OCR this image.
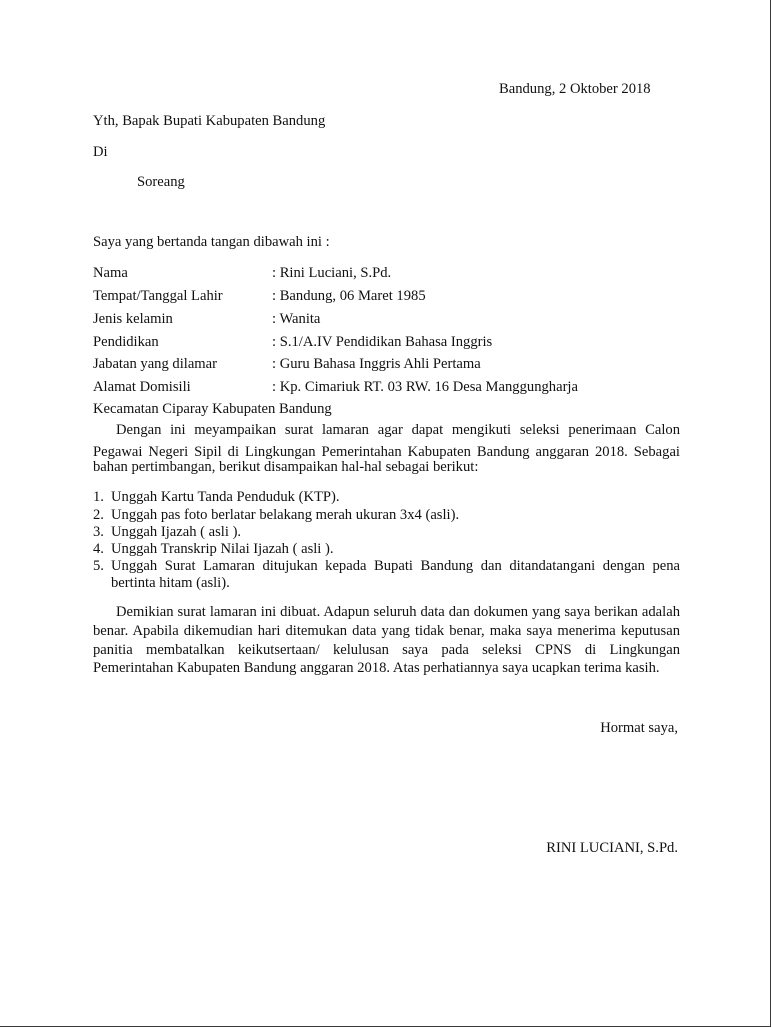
Bandung, 2 Oktober 2018
Yth, Bapak Bupati Kabupaten Bandung
Di
Soreang
Saya yang bertanda tangan dibawah ini :
Nama	: Rini Luciani, S.Pd.
Tempat/Tanggal Lahir	: Bandung, 06 Maret 1985
Jenis kelamin	: Wanita
Pendidikan	: S.1/A.IV Pendidikan Bahasa Inggris
Jabatan yang dilamar	: Guru Bahasa Inggris Ahli Pertama
Alamat Domisili	: Kp. Cimariuk RT. 03 RW. 16 Desa Manggungharja
Kecamatan Ciparay Kabupaten Bandung
Dengan ini meyampaikan surat lamaran agar dapat mengikuti seleksi penerimaan Calon
Pegawai Negeri Sipil di Lingkungan Pemerintahan Kabupaten Bandung anggaran 2018. Sebagai
bahan pertimbangan, berikut disampaikan hal-hal sebagai berikut:
1. Unggah Kartu Tanda Penduduk (KTP).
2. Unggah pas foto berlatar belakang merah ukuran 3x4 (asli).
3. Unggah Ijazah ( asli ).
4. Unggah Transkrip Nilai Ijazah ( asli ).
5. Unggah Surat Lamaran ditujukan kepada Bupati Bandung dan ditandatangani dengan pena
bertinta hitam (asli).
Demikian surat lamaran ini dibuat. Adapun seluruh data dan dokumen yang saya berikan adalah
benar. Apabila dikemudian hari ditemukan data yang tidak benar, maka saya menerima keputusan
panitia membatalkan keikutsertaan/ kelulusan saya pada seleksi CPNS di Lingkungan
Pemerintahan Kabupaten Bandung anggaran 2018. Atas perhatiannya saya ucapkan terima kasih.
Hormat saya,
RINI LUCIANI, S.Pd.
